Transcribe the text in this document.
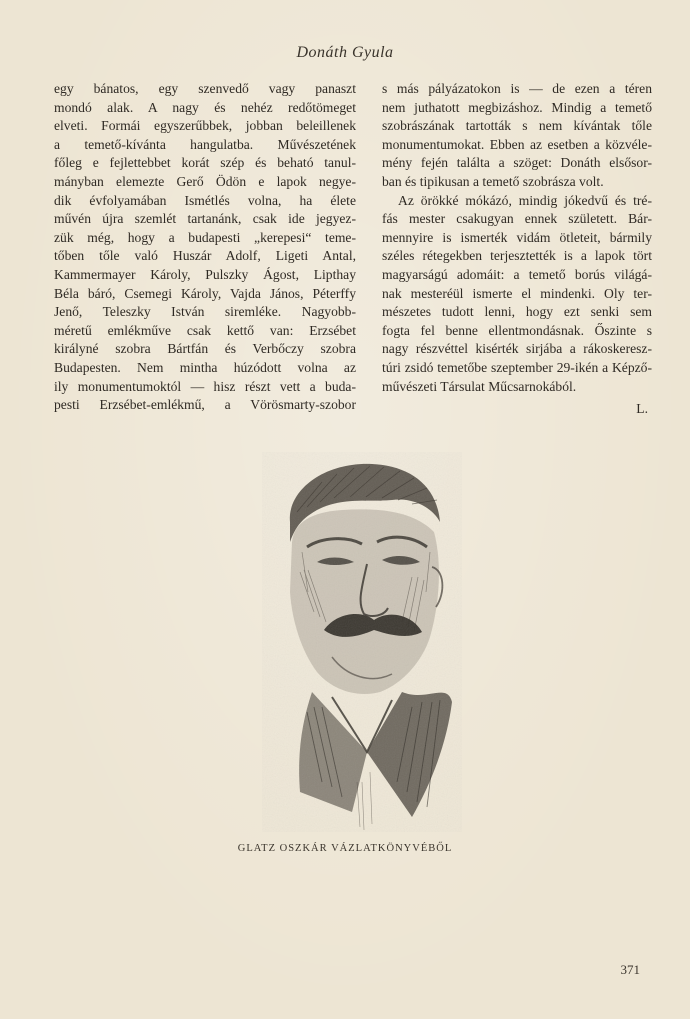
Donáth Gyula
egy bánatos, egy szenvedő vagy panaszt
mondó alak. A nagy és nehéz redőtömeget
elveti. Formái egyszerűbbek, jobban beleillenek
a temető-kívánta hangulatba. Művészetének
főleg e fejlettebbet korát szép és beható tanul-
mányban elemezte Gerő Ödön e lapok negye-
dik évfolyamában Ismétlés volna, ha élete
művén újra szemlét tartanánk, csak ide jegyez-
zük még, hogy a budapesti „kerepesi“ teme-
tőben tőle való Huszár Adolf, Ligeti Antal,
Kammermayer Károly, Pulszky Ágost, Lipthay
Béla báró, Csemegi Károly, Vajda János, Péterffy
Jenő, Teleszky István siremléke. Nagyobb-
méretű emlékműve csak kettő van: Erzsébet
királyné szobra Bártfán és Verbőczy szobra
Budapesten. Nem mintha húzódott volna az
ily monumentumoktól — hisz részt vett a buda-
pesti Erzsébet-emlékmű, a Vörösmarty-szobor
s más pályázatokon is — de ezen a téren
nem juthatott megbizáshoz. Mindig a temető
szobrászának tartották s nem kívántak tőle
monumentumokat. Ebben az esetben a közvéle-
mény fején találta a szöget: Donáth elsősor-
ban és tipikusan a temető szobrásza volt.
Az örökké mókázó, mindig jókedvű és tré-
fás mester csakugyan ennek született. Bár-
mennyire is ismerték vidám ötleteit, bármily
széles rétegekben terjesztették is a lapok tört
magyarságú adomáit: a temető borús világá-
nak mesteréül ismerte el mindenki. Oly ter-
mészetes tudott lenni, hogy ezt senki sem
fogta fel benne ellentmondásnak. Őszinte s
nagy részvéttel kisérték sirjába a rákoskeresz-
túri zsidó temetőbe szeptember 29-ikén a Képző-
művészeti Társulat Műcsarnokából.
L.
GLATZ OSZKÁR VÁZLATKÖNYVÉBŐL
371
